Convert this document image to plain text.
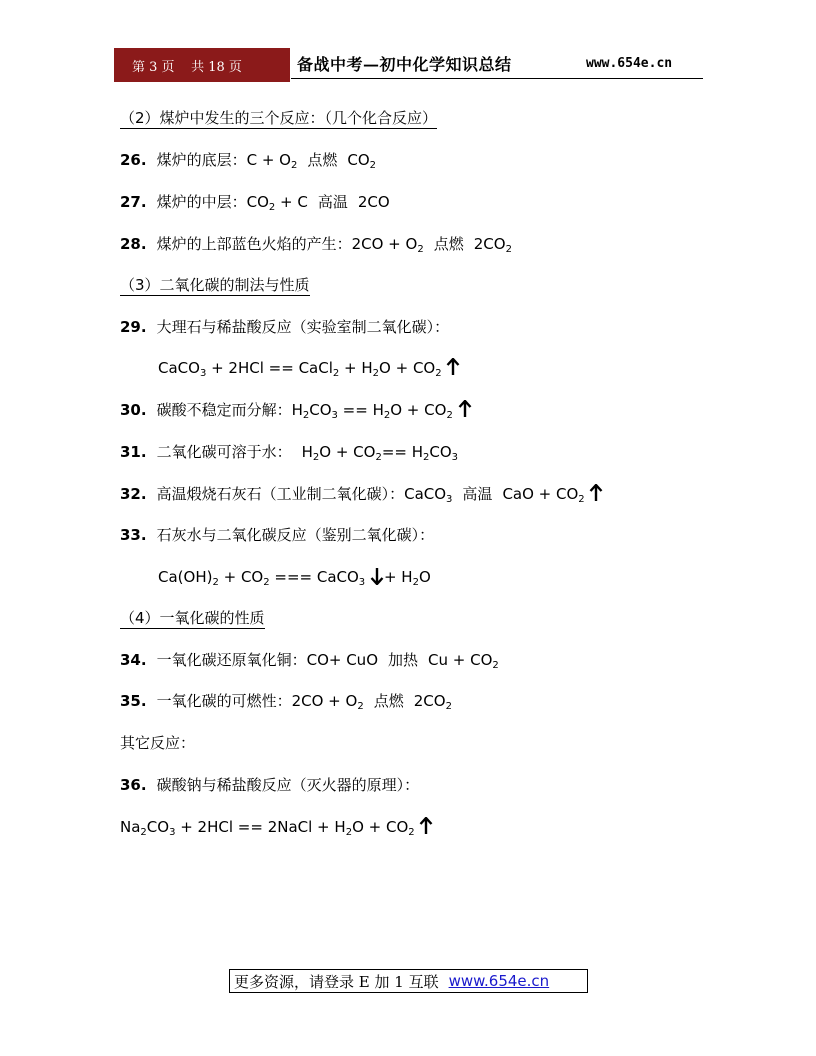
第 3 页
共 18 页	备战中考—初中化学知识总结	www.654e.cn
（2）煤炉中发生的三个反应：（几个化合反应）
26. 煤炉的底层：$C + O_2$ 点燃 $CO_2$
27. 煤炉的中层：$CO_2 + C$ 高温 2CO
28. 煤炉的上部蓝色火焰的产生：$2CO + O_2$ 点燃 $2CO_2$
（3）二氧化碳的制法与性质
29. 大理石与稀盐酸反应（实验室制二氧化碳）：
CaCO$_3$ + 2HCl == CaCl$_2$ + $H_2O + CO_2$
30. 碳酸不稳定而分解：$H_2CO_3 == H_2O + CO_2$
31. 二氧化碳可溶于水： $H_2O + CO_2== H_2CO_3$
32. 高温煅烧石灰石（工业制二氧化碳）：CaCO$_3$ 高温 CaO + $CO_2$
33. 石灰水与二氧化碳反应（鉴别二氧化碳）：
$Ca(OH)_2 + CO_2$ === CaCO$_3$ + $H_2O$
（4）一氧化碳的性质
34. 一氧化碳还原氧化铜：CO+ CuO 加热 $Cu + CO_2$
35. 一氧化碳的可燃性：$2CO + O_2$ 点燃 $2CO_2$
其它反应：
36. 碳酸钠与稀盐酸反应（灭火器的原理）：
$Na_2CO_3 + 2HCl$ == 2NaCl + $H_2O + CO_2$
更多资源，请登录 E 加 1 互联 www.654e.cn
